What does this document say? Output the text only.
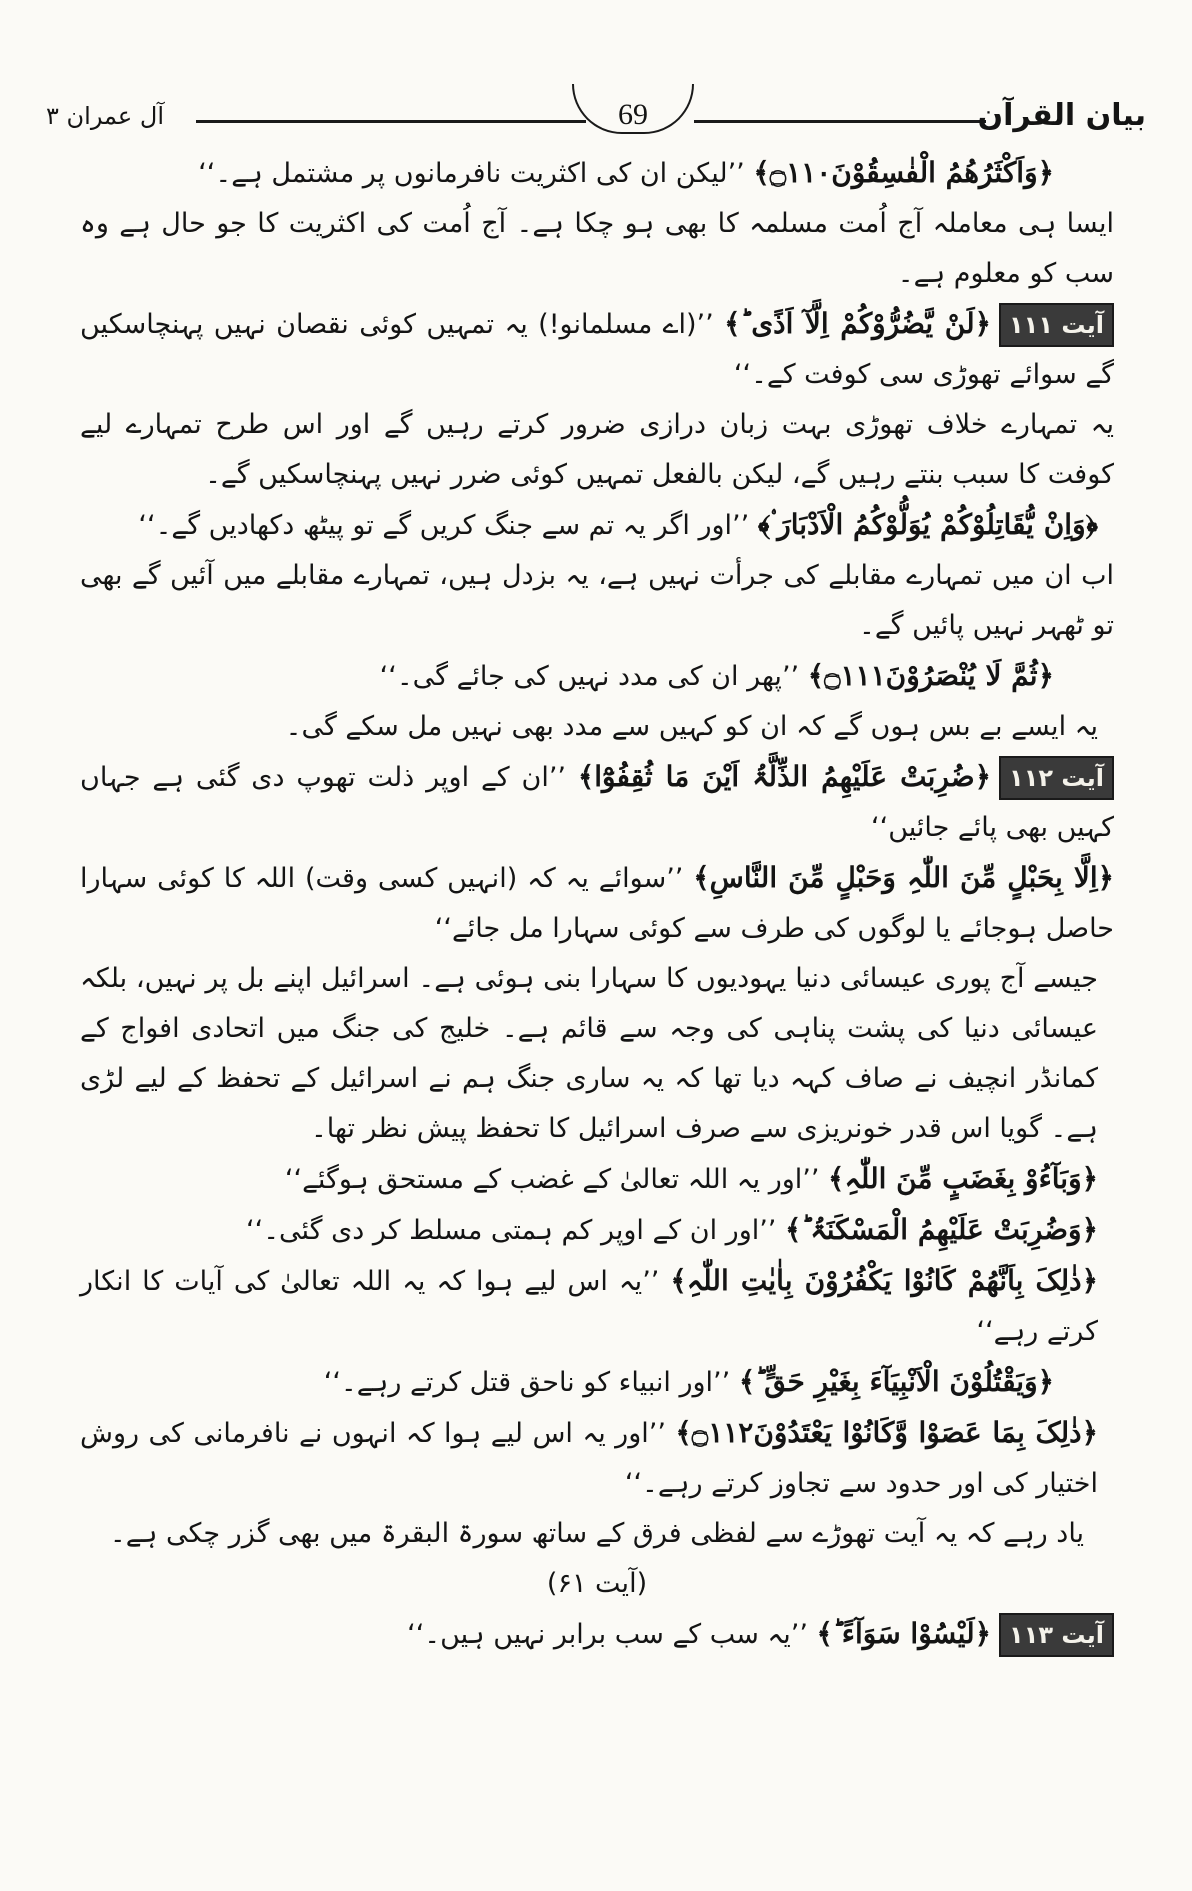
بیان القرآن
آل عمران ۳	69

﴿وَاَکْثَرُھُمُ الْفٰسِقُوْنَ۝۱۱۰﴾ ’’لیکن ان کی اکثریت نافرمانوں پر مشتمل ہے۔‘‘

ایسا ہی معاملہ آج اُمت مسلمہ کا بھی ہو چکا ہے۔ آج اُمت کی اکثریت کا جو حال ہے وہ سب کو معلوم ہے۔

آیت ۱۱۱﴿لَنْ یَّضُرُّوْکُمْ اِلَّآ اَذًی ؕ﴾ ’’(اے مسلمانو!) یہ تمہیں کوئی نقصان نہیں پہنچاسکیں گے سوائے تھوڑی سی کوفت کے۔‘‘

یہ تمہارے خلاف تھوڑی بہت زبان درازی ضرور کرتے رہیں گے اور اس طرح تمہارے لیے کوفت کا سبب بنتے رہیں گے، لیکن بالفعل تمہیں کوئی ضرر نہیں پہنچاسکیں گے۔

﴿وَاِنْ یُّقَاتِلُوْکُمْ یُوَلُّوْکُمُ الْاَدْبَارَ ۟﴾ ’’اور اگر یہ تم سے جنگ کریں گے تو پیٹھ دکھادیں گے۔‘‘

اب ان میں تمہارے مقابلے کی جرأت نہیں ہے، یہ بزدل ہیں، تمہارے مقابلے میں آئیں گے بھی تو ٹھہر نہیں پائیں گے۔

﴿ثُمَّ لَا یُنْصَرُوْنَ۝۱۱۱﴾ ’’پھر ان کی مدد نہیں کی جائے گی۔‘‘

یہ ایسے بے بس ہوں گے کہ ان کو کہیں سے مدد بھی نہیں مل سکے گی۔

آیت ۱۱۲﴿ضُرِبَتْ عَلَیْھِمُ الذِّلَّۃُ اَیْنَ مَا ثُقِفُوْٓا﴾ ’’ان کے اوپر ذلت تھوپ دی گئی ہے جہاں کہیں بھی پائے جائیں‘‘

﴿اِلَّا بِحَبْلٍ مِّنَ اللّٰہِ وَحَبْلٍ مِّنَ النَّاسِ﴾ ’’سوائے یہ کہ (انہیں کسی وقت) اللہ کا کوئی سہارا حاصل ہوجائے یا لوگوں کی طرف سے کوئی سہارا مل جائے‘‘

جیسے آج پوری عیسائی دنیا یہودیوں کا سہارا بنی ہوئی ہے۔ اسرائیل اپنے بل پر نہیں، بلکہ عیسائی دنیا کی پشت پناہی کی وجہ سے قائم ہے۔ خلیج کی جنگ میں اتحادی افواج کے کمانڈر انچیف نے صاف کہہ دیا تھا کہ یہ ساری جنگ ہم نے اسرائیل کے تحفظ کے لیے لڑی ہے۔ گویا اس قدر خونریزی سے صرف اسرائیل کا تحفظ پیش نظر تھا۔

﴿وَبَآءُوْ بِغَضَبٍ مِّنَ اللّٰہِ﴾ ’’اور یہ اللہ تعالیٰ کے غضب کے مستحق ہوگئے‘‘

﴿وَضُرِبَتْ عَلَیْھِمُ الْمَسْکَنَۃُ ؕ﴾ ’’اور ان کے اوپر کم ہمتی مسلط کر دی گئی۔‘‘

﴿ذٰلِکَ بِاَنَّھُمْ کَانُوْا یَکْفُرُوْنَ بِاٰیٰتِ اللّٰہِ﴾ ’’یہ اس لیے ہوا کہ یہ اللہ تعالیٰ کی آیات کا انکار کرتے رہے‘‘

﴿وَیَقْتُلُوْنَ الْاَنْبِیَآءَ بِغَیْرِ حَقٍّ ؕ﴾ ’’اور انبیاء کو ناحق قتل کرتے رہے۔‘‘

﴿ذٰلِکَ بِمَا عَصَوْا وَّکَانُوْا یَعْتَدُوْنَ۝۱۱۲﴾ ’’اور یہ اس لیے ہوا کہ انہوں نے نافرمانی کی روش اختیار کی اور حدود سے تجاوز کرتے رہے۔‘‘

یاد رہے کہ یہ آیت تھوڑے سے لفظی فرق کے ساتھ سورۃ البقرۃ میں بھی گزر چکی ہے۔ (آیت ۶۱)

آیت ۱۱۳﴿لَیْسُوْا سَوَآءً ؕ﴾ ’’یہ سب کے سب برابر نہیں ہیں۔‘‘
